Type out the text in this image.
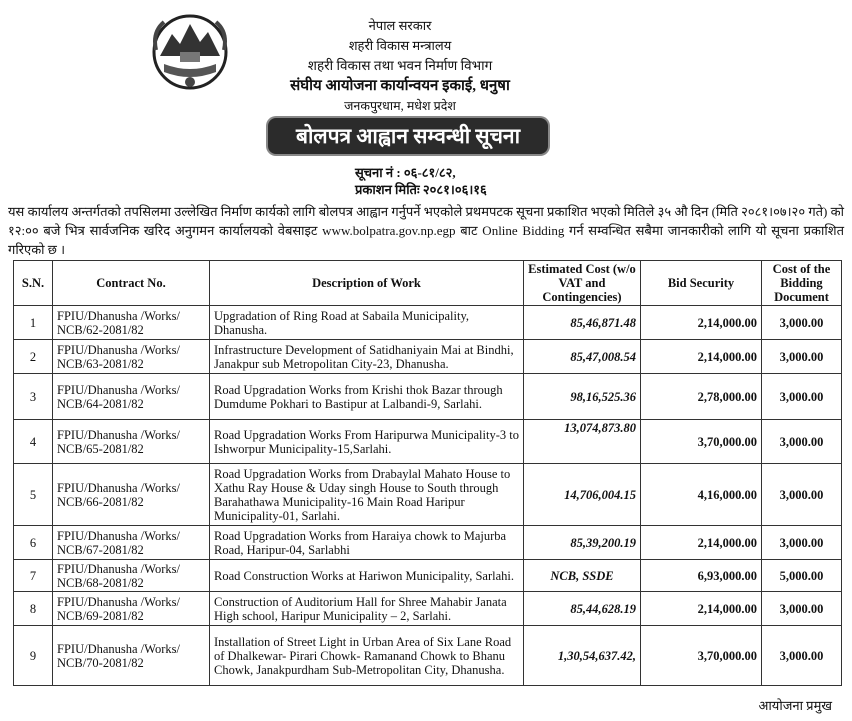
नेपाल सरकार
शहरी विकास मन्त्रालय
शहरी विकास तथा भवन निर्माण विभाग
संघीय आयोजना कार्यान्वयन इकाई, धनुषा
जनकपुरधाम, मधेश प्रदेश
बोलपत्र आह्वान सम्वन्धी सूचना
सूचना नं : ०६-८१/८२,
प्रकाशन मितिः २०८१।०६।१६
यस कार्यालय अन्तर्गतको तपसिलमा उल्लेखित निर्माण कार्यको लागि बोलपत्र आह्वान गर्नुपर्ने भएकोले प्रथमपटक सूचना प्रकाशित भएको मितिले ३५ औ दिन (मिति २०८१।०७।२० गते) को १२:०० बजे भित्र सार्वजनिक खरिद अनुगमन कार्यालयको वेबसाइट www.bolpatra.gov.np.egp बाट Online Bidding गर्न सम्वन्धित सबैमा जानकारीको लागि यो सूचना प्रकाशित गरिएको छ ।
S.N.	Contract No.	Description of Work	Estimated Cost (w/o VAT and Contingencies)	Bid Security	Cost of the Bidding Document
1	FPIU/Dhanusha /Works/ NCB/62-2081/82	Upgradation of Ring Road at Sabaila Municipality, Dhanusha.	85,46,871.48	2,14,000.00	3,000.00
2	FPIU/Dhanusha /Works/ NCB/63-2081/82	Infrastructure Development of Satidhaniyain Mai at Bindhi, Janakpur sub Metropolitan City-23, Dhanusha.	85,47,008.54	2,14,000.00	3,000.00
3	FPIU/Dhanusha /Works/ NCB/64-2081/82	Road Upgradation Works from Krishi thok Bazar through Dumdume Pokhari to Bastipur at Lalbandi-9, Sarlahi.	98,16,525.36	2,78,000.00	3,000.00
4	FPIU/Dhanusha /Works/ NCB/65-2081/82	Road Upgradation Works From Haripurwa Municipality-3 to Ishworpur Municipality-15,Sarlahi.	13,074,873.80	3,70,000.00	3,000.00
5	FPIU/Dhanusha /Works/ NCB/66-2081/82	Road Upgradation Works from Drabaylal Mahato House to Xathu Ray House & Uday singh House to South through Barahathawa Municipality-16 Main Road Haripur Municipality-01, Sarlahi.	14,706,004.15	4,16,000.00	3,000.00
6	FPIU/Dhanusha /Works/ NCB/67-2081/82	Road Upgradation Works from Haraiya chowk to Majurba Road, Haripur-04, Sarlabhi	85,39,200.19	2,14,000.00	3,000.00
7	FPIU/Dhanusha /Works/ NCB/68-2081/82	Road Construction Works at Hariwon Municipality, Sarlahi.	NCB, SSDE	6,93,000.00	5,000.00
8	FPIU/Dhanusha /Works/ NCB/69-2081/82	Construction of Auditorium Hall for Shree Mahabir Janata High school, Haripur Municipality – 2, Sarlahi.	85,44,628.19	2,14,000.00	3,000.00
9	FPIU/Dhanusha /Works/ NCB/70-2081/82	Installation of Street Light in Urban Area of Six Lane Road of Dhalkewar- Pirari Chowk- Ramanand Chowk to Bhanu Chowk, Janakpurdham Sub-Metropolitan City, Dhanusha.	1,30,54,637.42,	3,70,000.00	3,000.00
आयोजना प्रमुख
